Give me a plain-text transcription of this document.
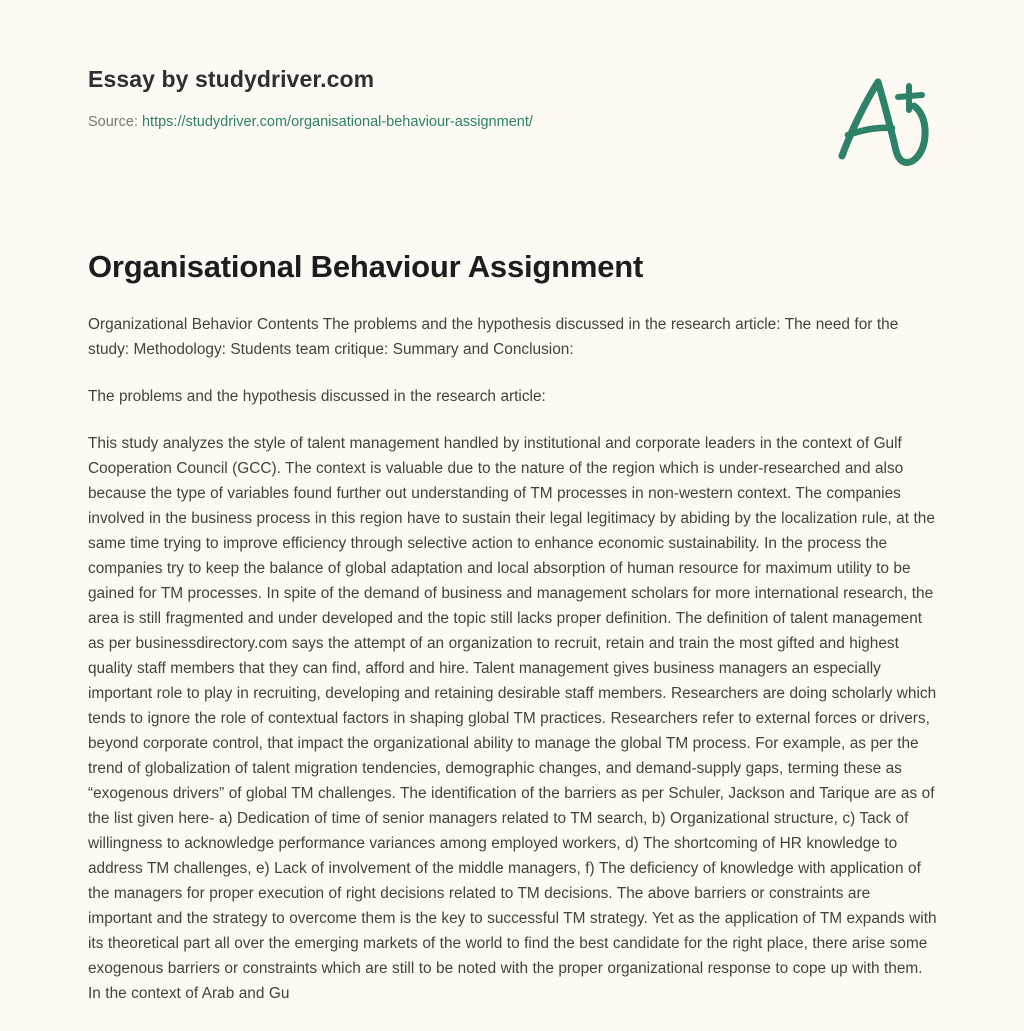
Essay by studydriver.com
Source: https://studydriver.com/organisational-behaviour-assignment/
Organisational Behaviour Assignment

Organizational Behavior Contents The problems and the hypothesis discussed in the research article: The need for the study: Methodology: Students team critique: Summary and Conclusion:

The problems and the hypothesis discussed in the research article:

This study analyzes the style of talent management handled by institutional and corporate leaders in the context of Gulf Cooperation Council (GCC). The context is valuable due to the nature of the region which is under-researched and also because the type of variables found further out understanding of TM processes in non-western context. The companies involved in the business process in this region have to sustain their legal legitimacy by abiding by the localization rule, at the same time trying to improve efficiency through selective action to enhance economic sustainability. In the process the companies try to keep the balance of global adaptation and local absorption of human resource for maximum utility to be gained for TM processes. In spite of the demand of business and management scholars for more international research, the area is still fragmented and under developed and the topic still lacks proper definition. The definition of talent management as per businessdirectory.com says the attempt of an organization to recruit, retain and train the most gifted and highest quality staff members that they can find, afford and hire. Talent management gives business managers an especially important role to play in recruiting, developing and retaining desirable staff members. Researchers are doing scholarly which tends to ignore the role of contextual factors in shaping global TM practices. Researchers refer to external forces or drivers, beyond corporate control, that impact the organizational ability to manage the global TM process. For example, as per the trend of globalization of talent migration tendencies, demographic changes, and demand-supply gaps, terming these as “exogenous drivers” of global TM challenges. The identification of the barriers as per Schuler, Jackson and Tarique are as of the list given here- a) Dedication of time of senior managers related to TM search, b) Organizational structure, c) Tack of willingness to acknowledge performance variances among employed workers, d) The shortcoming of HR knowledge to address TM challenges, e) Lack of involvement of the middle managers, f) The deficiency of knowledge with application of the managers for proper execution of right decisions related to TM decisions. The above barriers or constraints are important and the strategy to overcome them is the key to successful TM strategy. Yet as the application of TM expands with its theoretical part all over the emerging markets of the world to find the best candidate for the right place, there arise some exogenous barriers or constraints which are still to be noted with the proper organizational response to cope up with them. In the context of Arab and Gu
